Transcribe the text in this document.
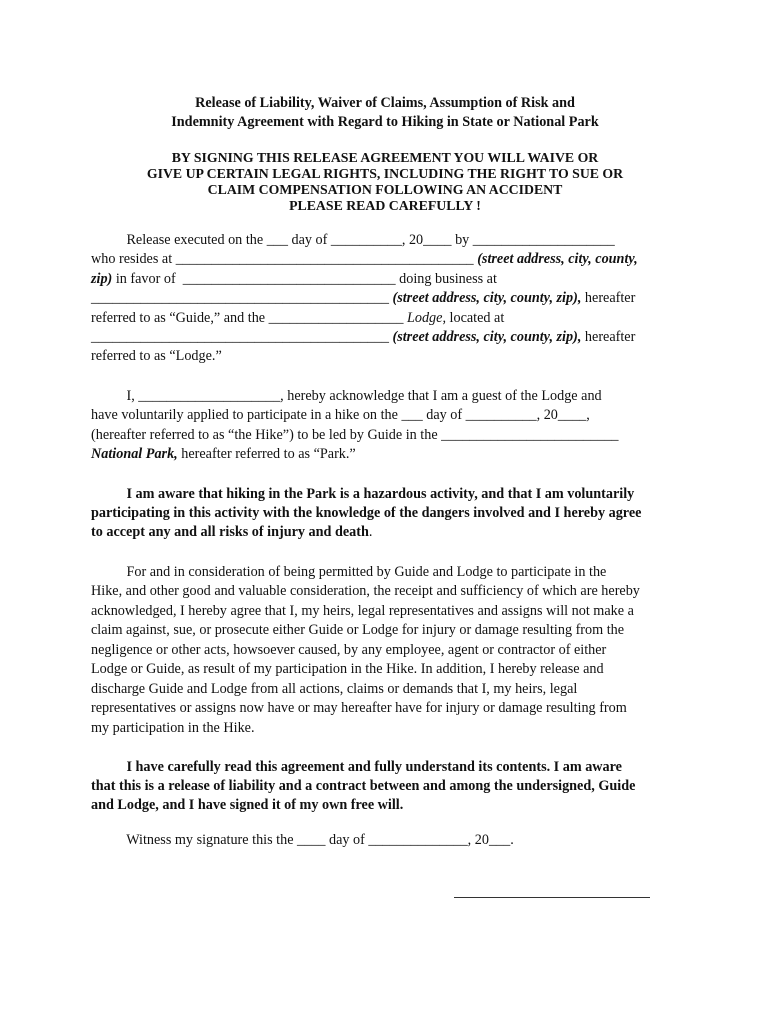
Release of Liability, Waiver of Claims, Assumption of Risk and
Indemnity Agreement with Regard to Hiking in State or National Park
BY SIGNING THIS RELEASE AGREEMENT YOU WILL WAIVE OR
GIVE UP CERTAIN LEGAL RIGHTS, INCLUDING THE RIGHT TO SUE OR
CLAIM COMPENSATION FOLLOWING AN ACCIDENT
PLEASE READ CAREFULLY !
Release executed on the ___ day of __________, 20____ by ____________________
who resides at __________________________________________ (street address, city, county,
zip) in favor of  ______________________________ doing business at
__________________________________________ (street address, city, county, zip), hereafter
referred to as “Guide,” and the ___________________ Lodge, located at
__________________________________________ (street address, city, county, zip), hereafter
referred to as “Lodge.”
I, ____________________, hereby acknowledge that I am a guest of the Lodge and
have voluntarily applied to participate in a hike on the ___ day of __________, 20____,
(hereafter referred to as “the Hike”) to be led by Guide in the _________________________
National Park, hereafter referred to as “Park.”
I am aware that hiking in the Park is a hazardous activity, and that I am voluntarily
participating in this activity with the knowledge of the dangers involved and I hereby agree
to accept any and all risks of injury and death.
For and in consideration of being permitted by Guide and Lodge to participate in the
Hike, and other good and valuable consideration, the receipt and sufficiency of which are hereby
acknowledged, I hereby agree that I, my heirs, legal representatives and assigns will not make a
claim against, sue, or prosecute either Guide or Lodge for injury or damage resulting from the
negligence or other acts, howsoever caused, by any employee, agent or contractor of either
Lodge or Guide, as result of my participation in the Hike. In addition, I hereby release and
discharge Guide and Lodge from all actions, claims or demands that I, my heirs, legal
representatives or assigns now have or may hereafter have for injury or damage resulting from
my participation in the Hike.
I have carefully read this agreement and fully understand its contents. I am aware
that this is a release of liability and a contract between and among the undersigned, Guide
and Lodge, and I have signed it of my own free will.
Witness my signature this the ____ day of ______________, 20___.
